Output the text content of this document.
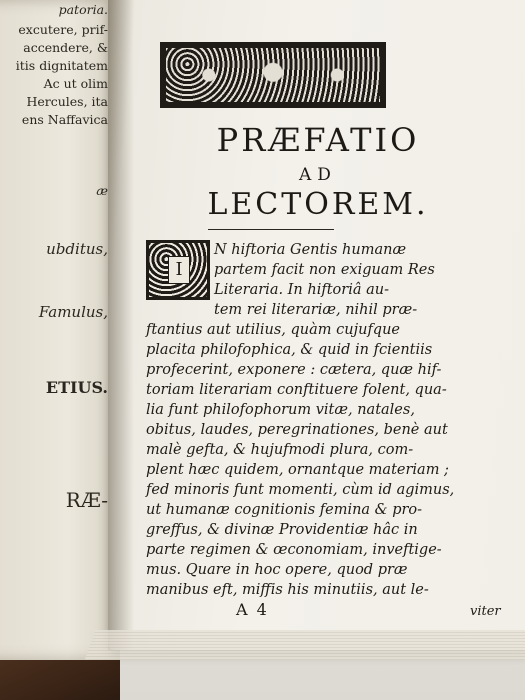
patoria.
excutere, prif-
accendere, &
itis dignitatem
Ac ut olim
Hercules, ita
ens Naffavica
æ
ubditus,
Famulus,
ETIUS.
RÆ-
PRÆFATIO
AD
LECTOREM.
I
N hiftoria Gentis humanæ
partem facit non exiguam Res
Literaria. In hiftoriâ au-
tem rei literariæ, nihil præ-
ftantius aut utilius, quàm cujufque
placita philofophica, & quid in fcientiis
profecerint, exponere : cætera, quæ hif-
toriam literariam conftituere folent, qua-
lia funt philofophorum vitæ, natales,
obitus, laudes, peregrinationes, benè aut
malè gefta, & hujufmodi plura, com-
plent hæc quidem, ornantque materiam ;
fed minoris funt momenti, cùm id agimus,
ut humanæ cognitionis femina & pro-
greffus, & divinæ Providentiæ hâc in
parte regimen & œconomiam, inveftige-
mus. Quare in hoc opere, quod præ
manibus eft, miffis his minutiis, aut le-
A 4	viter
